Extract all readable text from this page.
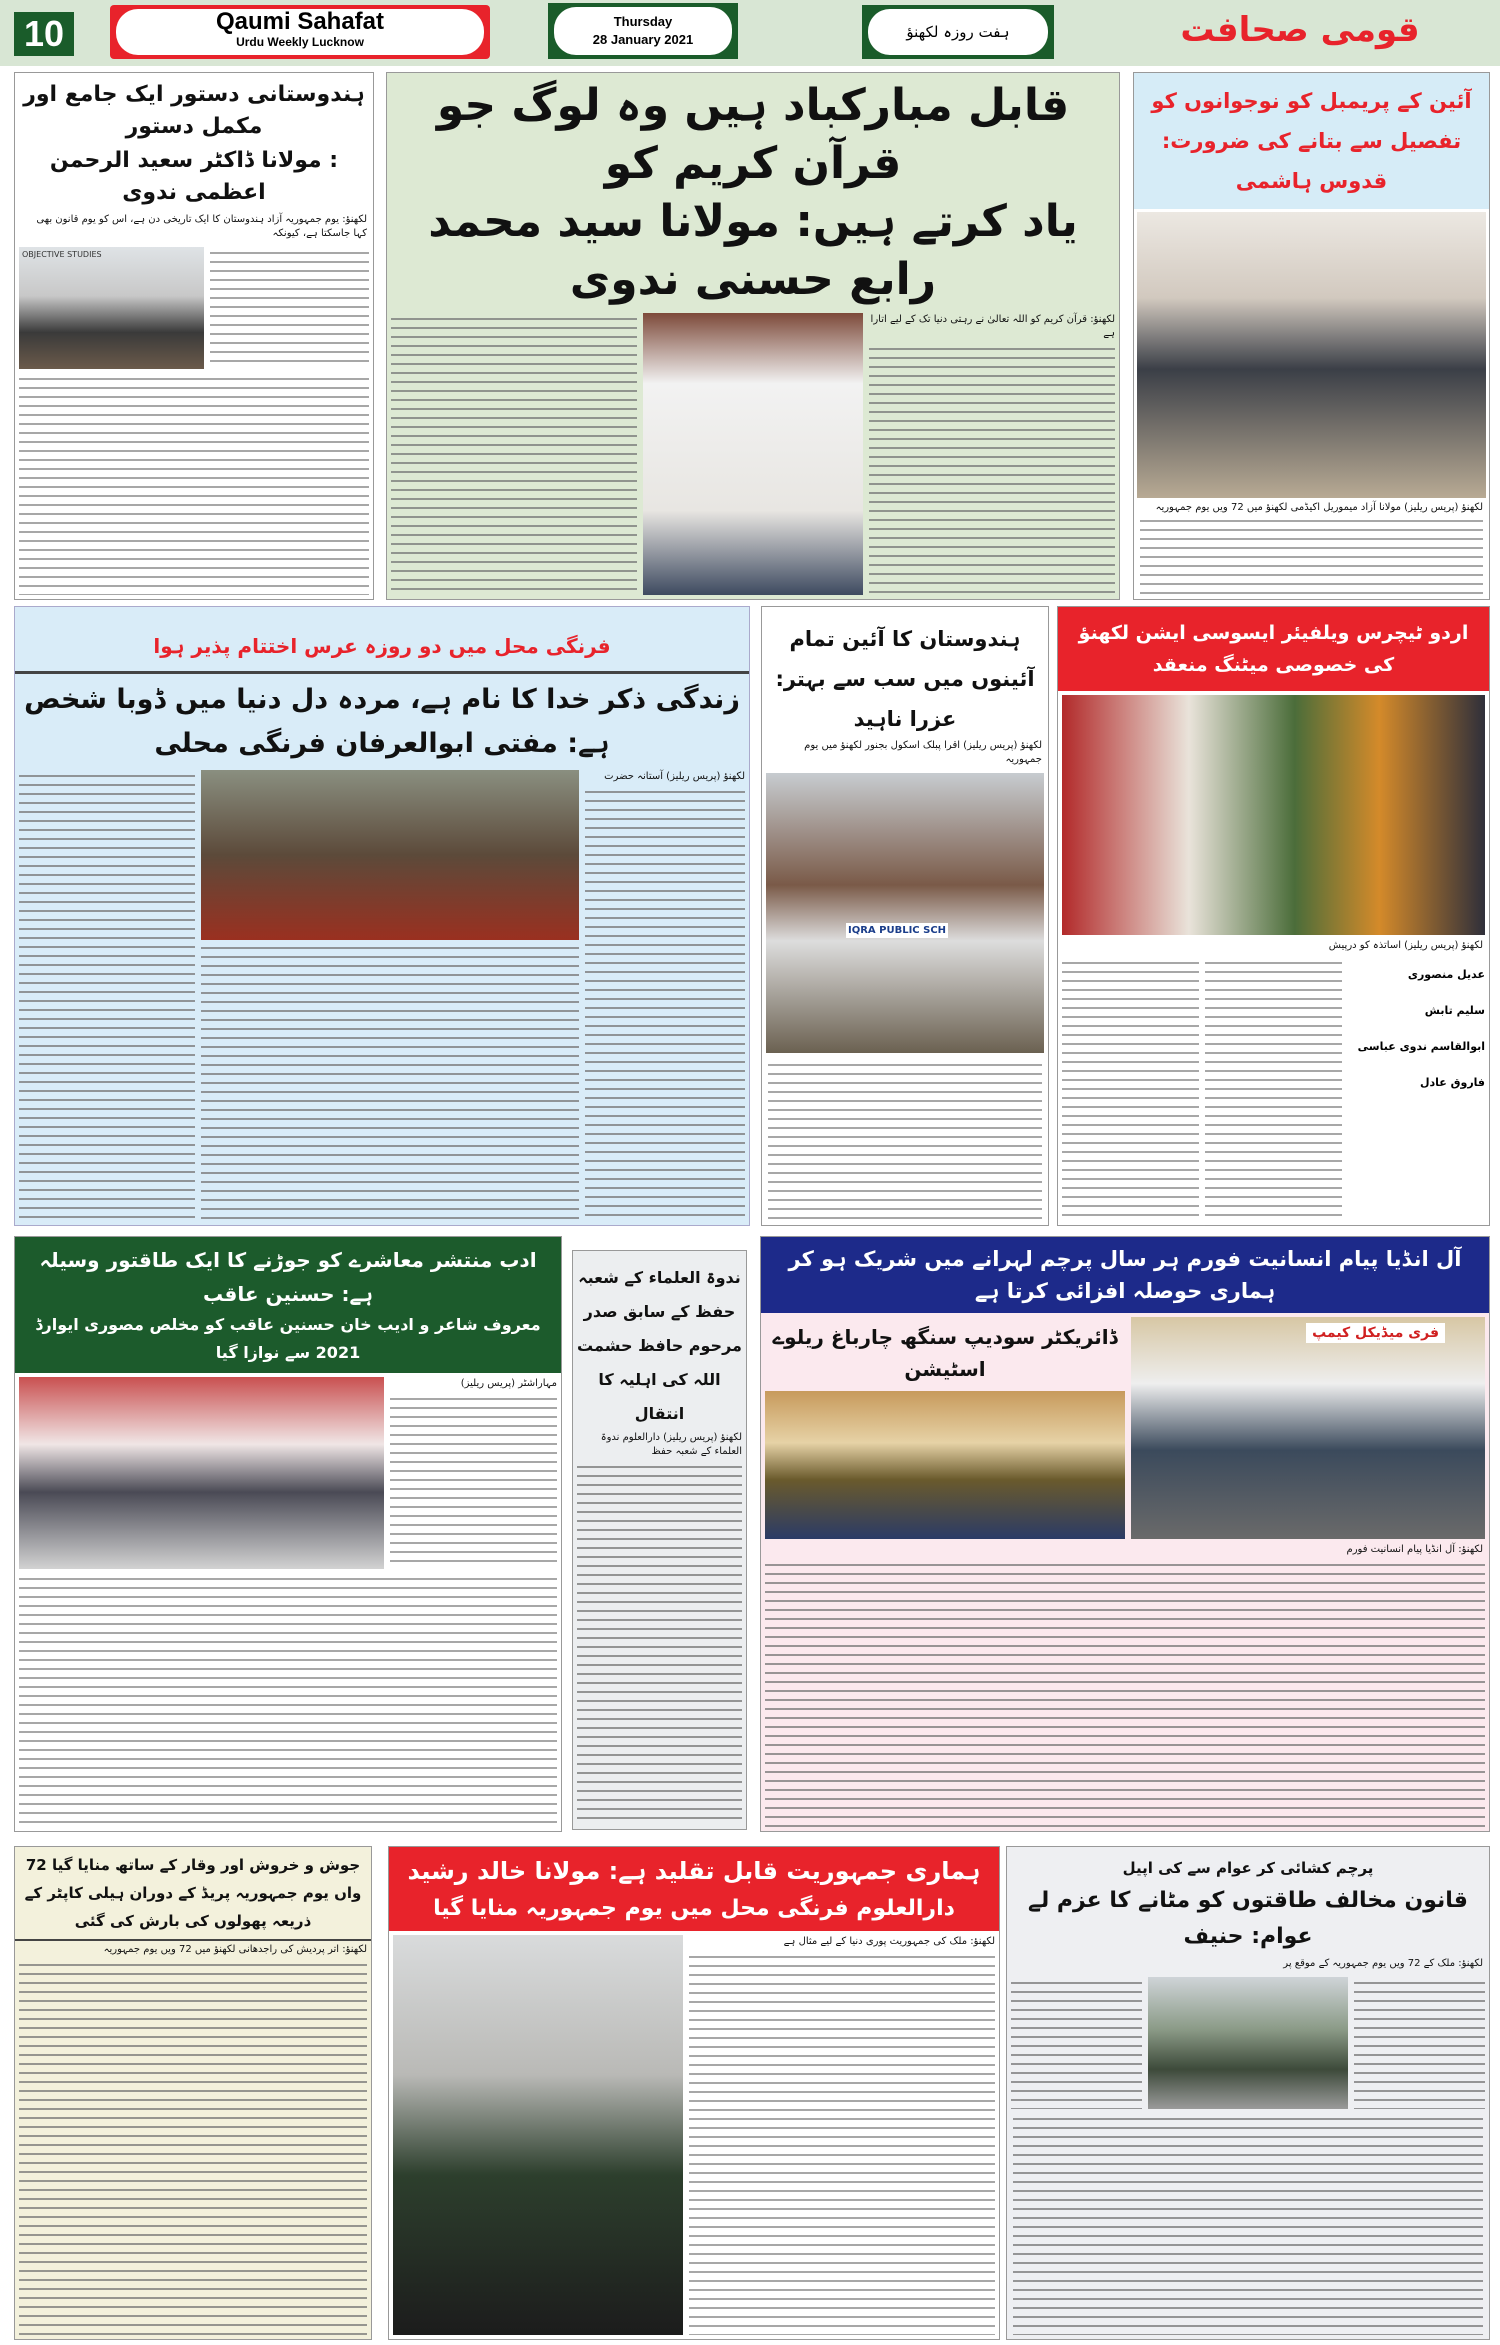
10	Qaumi Sahafat
Urdu Weekly Lucknow
Thursday
28 January 2021	ہفت روزہ لکھنؤ	قومی صحافت
ہندوستانی دستور ایک جامع اور مکمل دستور
: مولانا ڈاکٹر سعید الرحمن اعظمی ندوی
لکھنؤ: یوم جمہوریہ آزاد ہندوستان کا ایک تاریخی دن ہے، اس کو یوم قانون بھی کہا جاسکتا ہے، کیونکہ
OBJECTIVE STUDIES
قابل مبارکباد ہیں وہ لوگ جو قرآن کریم کو
یاد کرتے ہیں: مولانا سید محمد رابع حسنی ندوی
لکھنؤ: قرآن کریم کو اللہ تعالیٰ نے رہتی دنیا تک کے لیے اتارا ہے
آئین کے پریمبل کو نوجوانوں کو تفصیل سے بتانے کی ضرورت: قدوس ہاشمی
لکھنؤ (پریس ریلیز) مولانا آزاد میموریل اکیڈمی لکھنؤ میں 72 ویں یوم جمہوریہ
فرنگی محل میں دو روزہ عرس اختتام پذیر ہوا
زندگی ذکر خدا کا نام ہے، مردہ دل دنیا میں ڈوبا شخص ہے: مفتی ابوالعرفان فرنگی محلی
لکھنؤ (پریس ریلیز) آستانہ حضرت
ہندوستان کا آئین تمام آئینوں میں سب سے بہتر: عزرا ناہید
لکھنؤ (پریس ریلیز) اقرا پبلک اسکول بجنور لکھنؤ میں یوم جمہوریہ
IQRA PUBLIC SCH
اردو ٹیچرس ویلفیئر ایسوسی ایشن لکھنؤ کی خصوصی میٹنگ منعقد
لکھنؤ (پریس ریلیز) اساتذہ کو درپیش
عدیل منصوری
سلیم تابش
ابوالقاسم ندوی عباسی
فاروق عادل
ادب منتشر معاشرے کو جوڑنے کا ایک طاقتور وسیلہ ہے: حسنین عاقب
معروف شاعر و ادیب خان حسنین عاقب کو مخلص مصوری ایوارڈ 2021 سے نوازا گیا
مہاراشٹر (پریس ریلیز)
ندوۃ العلماء کے شعبہ حفظ کے سابق صدر مرحوم حافظ حشمت اللہ کی اہلیہ کا انتقال
لکھنؤ (پریس ریلیز) دارالعلوم ندوۃ العلماء کے شعبہ حفظ
آل انڈیا پیام انسانیت فورم ہر سال پرچم لہرانے میں شریک ہو کر ہماری حوصلہ افزائی کرتا ہے
ڈائریکٹر سودیپ سنگھ چارباغ ریلوے اسٹیشن
فری میڈیکل کیمپ
لکھنؤ: آل انڈیا پیام انسانیت فورم
جوش و خروش اور وقار کے ساتھ منایا گیا 72 واں یوم جمہوریہ پریڈ کے دوران ہیلی کاپٹر کے ذریعہ پھولوں کی بارش کی گئی
لکھنؤ: اتر پردیش کی راجدھانی لکھنؤ میں 72 ویں یوم جمہوریہ
ہماری جمہوریت قابل تقلید ہے: مولانا خالد رشید
دارالعلوم فرنگی محل میں یوم جمہوریہ منایا گیا
لکھنؤ: ملک کی جمہوریت پوری دنیا کے لیے مثال ہے
پرچم کشائی کر عوام سے کی اپیل
قانون مخالف طاقتوں کو مٹانے کا عزم لے عوام: حنیف
لکھنؤ: ملک کے 72 ویں یوم جمہوریہ کے موقع پر
